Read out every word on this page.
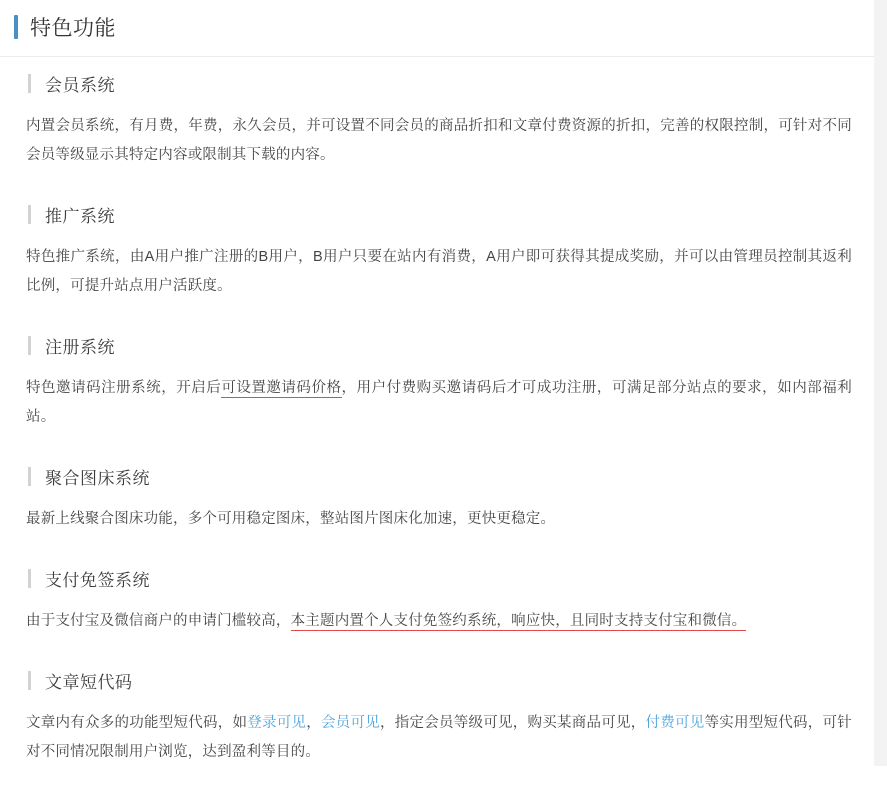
特色功能
会员系统

内置会员系统，有月费，年费，永久会员，并可设置不同会员的商品折扣和文章付费资源的折扣，完善的权限控制，可针对不同会员等级显示其特定内容或限制其下载的内容。

推广系统

特色推广系统，由A用户推广注册的B用户，B用户只要在站内有消费，A用户即可获得其提成奖励，并可以由管理员控制其返利比例，可提升站点用户活跃度。

注册系统

特色邀请码注册系统，开启后可设置邀请码价格，用户付费购买邀请码后才可成功注册，可满足部分站点的要求，如内部福利站。

聚合图床系统

最新上线聚合图床功能，多个可用稳定图床，整站图片图床化加速，更快更稳定。

支付免签系统

由于支付宝及微信商户的申请门槛较高，本主题内置个人支付免签约系统，响应快，且同时支持支付宝和微信。

文章短代码

文章内有众多的功能型短代码，如登录可见，会员可见，指定会员等级可见，购买某商品可见，付费可见等实用型短代码，可针对不同情况限制用户浏览，达到盈利等目的。
